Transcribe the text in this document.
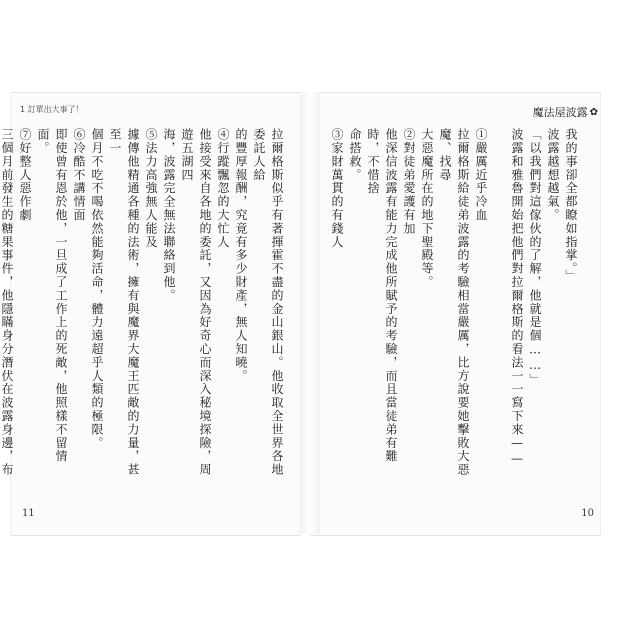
1 訂單出大事了！	魔法屋波露 ✿
我的事卻全都瞭如指掌。」
波露越想越氣。
「以我們對這傢伙的了解，他就是個……」
波露和雅魯開始把他們對拉爾格斯的看法一一寫下來——
①嚴厲近乎冷血
拉爾格斯給徒弟波露的考驗相當嚴厲，比方說要她擊敗大惡魔、找尋
大惡魔所在的地下聖殿等。
②對徒弟愛護有加
他深信波露有能力完成他所賦予的考驗，而且當徒弟有難時，不惜捨
命搭救。
③家財萬貫的有錢人
拉爾格斯似乎有著揮霍不盡的金山銀山。他收取全世界各地委託人給
的豐厚報酬，究竟有多少財產，無人知曉。
④行蹤飄忽的大忙人
他接受來自各地的委託，又因為好奇心而深入秘境探險，周遊五湖四
海，波露完全無法聯絡到他。
⑤法力高強無人能及
據傳他精通各種的法術，擁有與魔界大魔王匹敵的力量，甚至一
個月不吃不喝依然能夠活命，體力遠超乎人類的極限。
⑥冷酷不講情面
即使曾有恩於他，一旦成了工作上的死敵，他照樣不留情面。
⑦好整人惡作劇
三個月前發生的糖果事件，他隱瞞身分潛伏在波露身邊，布
11	10
